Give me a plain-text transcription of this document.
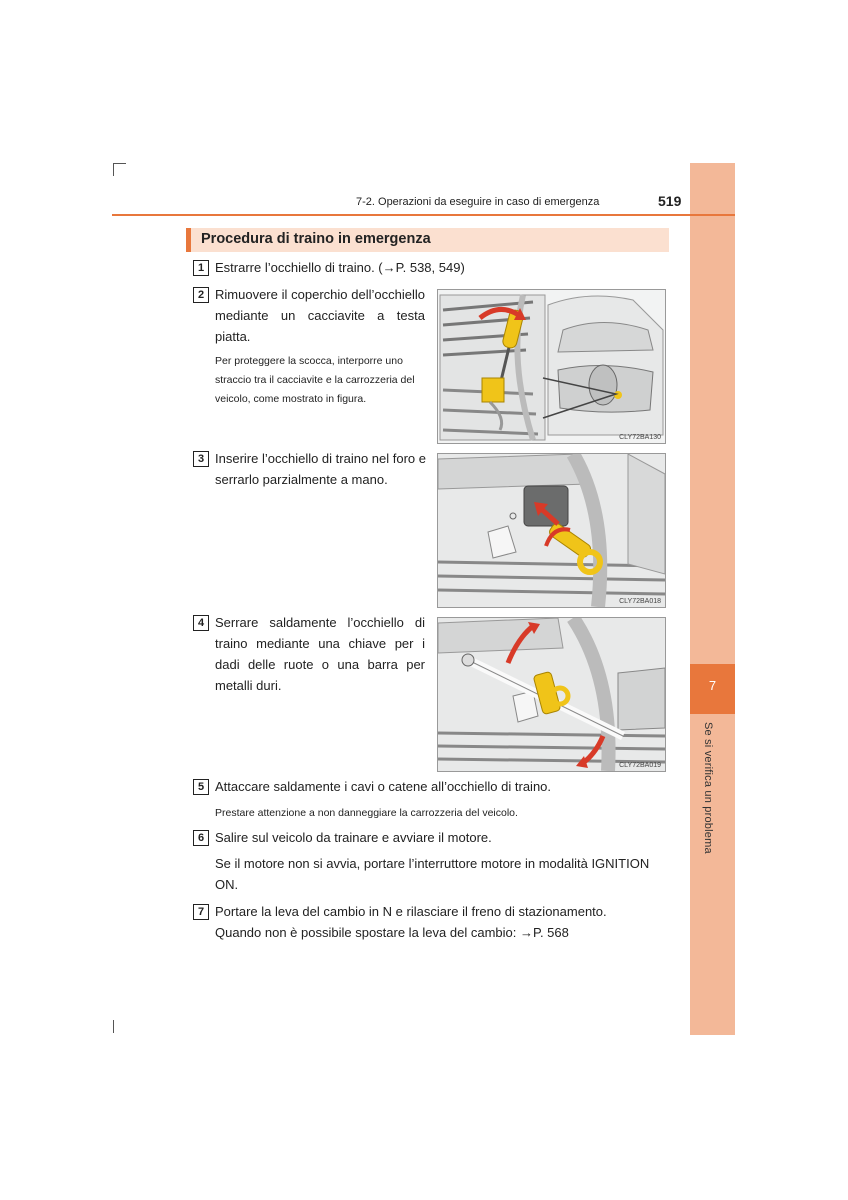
7
Se si verifica un problema
7-2. Operazioni da eseguire in caso di emergenza	519
Procedura di traino in emergenza
1 Estrarre l’occhiello di traino. (→P. 538, 549)
2 Rimuovere il coperchio dell’occhiello mediante un cacciavite a testa piatta.
Per proteggere la scocca, interporre uno straccio tra il cacciavite e la carrozzeria del veicolo, come mostrato in figura.
CLY72BA130
3 Inserire l’occhiello di traino nel foro e serrarlo parzialmente a mano.
CLY72BA018
4 Serrare saldamente l’occhiello di traino mediante una chiave per i dadi delle ruote o una barra per metalli duri.
CLY72BA019
5 Attaccare saldamente i cavi o catene all’occhiello di traino.
Prestare attenzione a non danneggiare la carrozzeria del veicolo.
6 Salire sul veicolo da trainare e avviare il motore.
Se il motore non si avvia, portare l’interruttore motore in modalità IGNITION ON.
7 Portare la leva del cambio in N e rilasciare il freno di stazionamento.
Quando non è possibile spostare la leva del cambio: →P. 568
